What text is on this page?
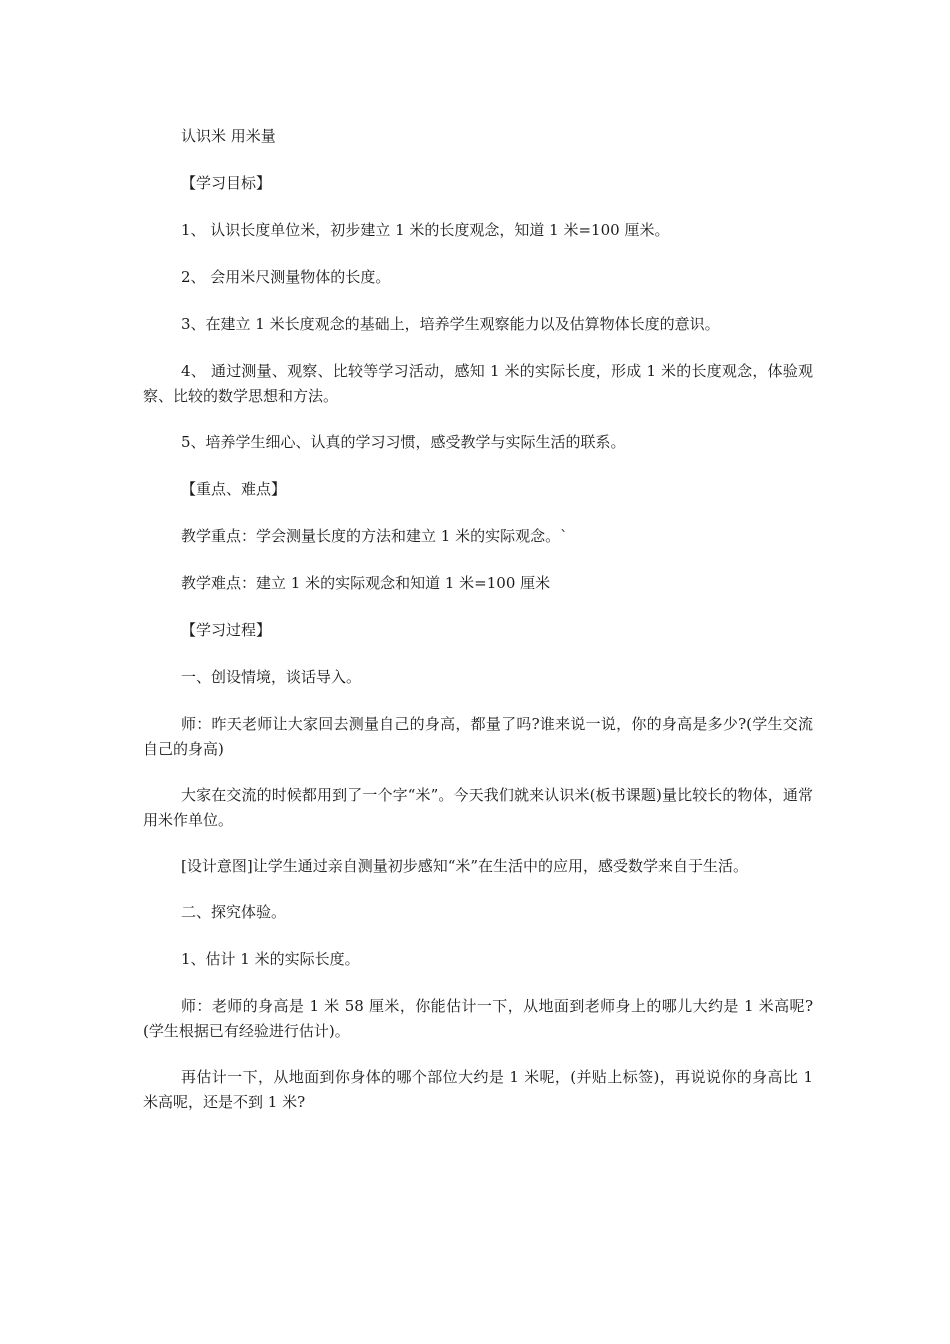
认识米 用米量

【学习目标】

1、 认识长度单位米，初步建立 1 米的长度观念，知道 1 米=100 厘米。

2、 会用米尺测量物体的长度。

3、在建立 1 米长度观念的基础上，培养学生观察能力以及估算物体长度的意识。

4、 通过测量、观察、比较等学习活动，感知 1 米的实际长度，形成 1 米的长度观念，体验观察、比较的数学思想和方法。

5、培养学生细心、认真的学习习惯，感受教学与实际生活的联系。

【重点、难点】

教学重点：学会测量长度的方法和建立 1 米的实际观念。`

教学难点：建立 1 米的实际观念和知道 1 米=100 厘米

【学习过程】

一、创设情境，谈话导入。

师：昨天老师让大家回去测量自己的身高，都量了吗?谁来说一说，你的身高是多少?(学生交流自己的身高)

大家在交流的时候都用到了一个字“米”。今天我们就来认识米(板书课题)量比较长的物体，通常用米作单位。

[设计意图]让学生通过亲自测量初步感知“米”在生活中的应用，感受数学来自于生活。

二、探究体验。

1、估计 1 米的实际长度。

师：老师的身高是 1 米 58 厘米，你能估计一下，从地面到老师身上的哪儿大约是 1 米高呢?(学生根据已有经验进行估计)。

再估计一下，从地面到你身体的哪个部位大约是 1 米呢，(并贴上标签)，再说说你的身高比 1 米高呢，还是不到 1 米?
